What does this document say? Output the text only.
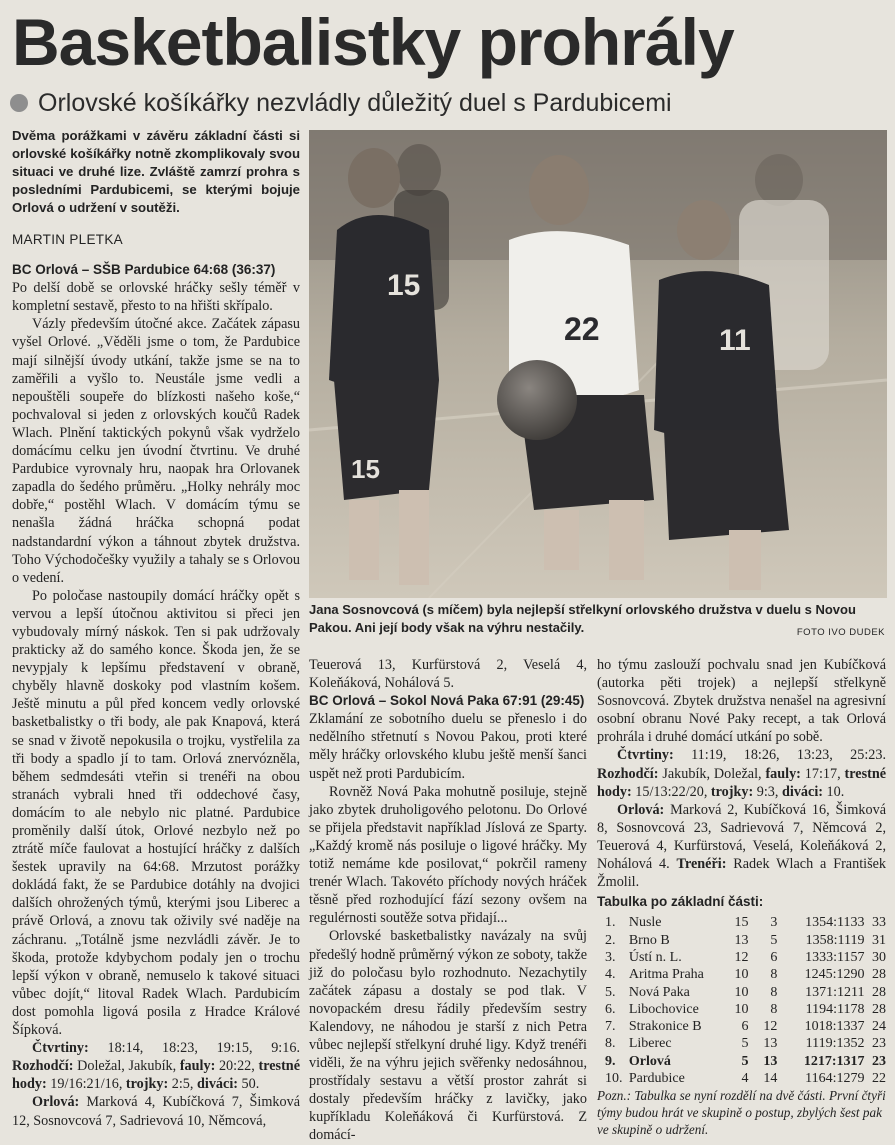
Basketbalistky prohrály
Orlovské košíkářky nezvládly důležitý duel s Pardubicemi

Dvěma porážkami v závěru základní části si orlovské košíkářky notně zkomplikovaly svou situaci ve druhé lize. Zvláště zamrzí prohra s posledními Pardubicemi, se kterými bojuje Orlová o udržení v soutěži.

MARTIN PLETKA

BC Orlová – SŠB Pardubice 64:68 (36:37)

Po delší době se orlovské hráčky sešly téměř v kompletní sestavě, přesto to na hřišti skřípalo.

Vázly především útočné akce. Začátek zápasu vyšel Orlové. „Věděli jsme o tom, že Pardubice mají silnější úvody utkání, takže jsme se na to zaměřili a vyšlo to. Neustále jsme vedli a nepouštěli soupeře do blízkosti našeho koše,“ pochvaloval si jeden z orlovských koučů Radek Wlach. Plnění taktických pokynů však vydrželo domácímu celku jen úvodní čtvrtinu. Ve druhé Pardubice vyrovnaly hru, naopak hra Orlovanek zapadla do šedého průměru. „Holky nehrály moc dobře,“ postěhl Wlach. V domácím týmu se nenašla žádná hráčka schopná podat nadstandardní výkon a táhnout zbytek družstva. Toho Východočešky využily a tahaly se s Orlovou o vedení.

Po poločase nastoupily domácí hráčky opět s vervou a lepší útočnou aktivitou si přeci jen vybudovaly mírný náskok. Ten si pak udržovaly prakticky až do samého konce. Škoda jen, že se nevypjaly k lepšímu představení v obraně, chyběly hlavně doskoky pod vlastním košem. Ještě minutu a půl před koncem vedly orlovské basketbalistky o tři body, ale pak Knapová, která se snad v životě nepokusila o trojku, vystřelila za tři body a spadlo jí to tam. Orlová znervózněla, během sedmdesáti vteřin si trenéři na obou stranách vybrali hned tři oddechové časy, domácím to ale nebylo nic platné. Pardubice proměnily další útok, Orlové nezbylo než po ztrátě míče faulovat a hostující hráčky z dalších šestek upravily na 64:68. Mrzutost porážky dokládá fakt, že se Pardubice dotáhly na dvojici dalších ohrožených týmů, kterými jsou Liberec a právě Orlová, a znovu tak oživily své naděje na záchranu. „Totálně jsme nezvládli závěr. Je to škoda, protože kdybychom podaly jen o trochu lepší výkon v obraně, nemuselo k takové situaci vůbec dojít,“ litoval Radek Wlach. Pardubicím dost pomohla ligová posila z Hradce Králové Šípková.

Čtvrtiny: 18:14, 18:23, 19:15, 9:16. Rozhodčí: Doležal, Jakubík, fauly: 20:22, trestné hody: 19/16:21/16, trojky: 2:5, diváci: 50.

Orlová: Marková 4, Kubíčková 7, Šimková 12, Sosnovcová 7, Sadrievová 10, Němcová,

15
15
22	11
Jana Sosnovcová (s míčem) byla nejlepší střelkyní orlovského družstva v duelu s Novou Pakou. Ani její body však na výhru nestačily.	FOTO IVO DUDEK

Teuerová 13, Kurfürstová 2, Veselá 4, Koleňáková, Nohálová 5.

BC Orlová – Sokol Nová Paka 67:91 (29:45)

Zklamání ze sobotního duelu se přeneslo i do nedělního střetnutí s Novou Pakou, proti které měly hráčky orlovského klubu ještě menší šanci uspět než proti Pardubicím.

Rovněž Nová Paka mohutně posiluje, stejně jako zbytek druholigového pelotonu. Do Orlové se přijela představit například Jíslová ze Sparty. „Každý kromě nás posiluje o ligové hráčky. My totiž nemáme kde posilovat,“ pokrčil rameny trenér Wlach. Takovéto příchody nových hráček těsně před rozhodující fází sezony ovšem na regulérnosti soutěže sotva přidají...

Orlovské basketbalistky navázaly na svůj předešlý hodně průměrný výkon ze soboty, takže již do poločasu bylo rozhodnuto. Nezachytily začátek zápasu a dostaly se pod tlak. V novopackém dresu řádily především sestry Kalendovy, ne náhodou je starší z nich Petra vůbec nejlepší střelkyní druhé ligy. Když trenéři viděli, že na výhru jejich svěřenky nedosáhnou, prostřídaly sestavu a větší prostor zahrát si dostaly především hráčky z lavičky, jako kupříkladu Koleňáková či Kurfürstová. Z domácí-

ho týmu zaslouží pochvalu snad jen Kubíčková (autorka pěti trojek) a nejlepší střelkyně Sosnovcová. Zbytek družstva nenašel na agresivní osobní obranu Nové Paky recept, a tak Orlová prohrála i druhé domácí utkání po sobě.

Čtvrtiny: 11:19, 18:26, 13:23, 25:23. Rozhodčí: Jakubík, Doležal, fauly: 17:17, trestné hody: 15/13:22/20, trojky: 9:3, diváci: 10.

Orlová: Marková 2, Kubíčková 16, Šimková 8, Sosnovcová 23, Sadrievová 7, Němcová 2, Teuerová 4, Kurfürstová, Veselá, Koleňáková 2, Nohálová 4. Trenéři: Radek Wlach a František Žmolil.

Tabulka po základní části:
1.	Nusle	15	3	1354:1133	33
2.	Brno B	13	5	1358:1119	31
3.	Ústí n. L.	12	6	1333:1157	30
4.	Aritma Praha	10	8	1245:1290	28
5.	Nová Paka	10	8	1371:1211	28
6.	Libochovice	10	8	1194:1178	28
7.	Strakonice B	6	12	1018:1337	24
8.	Liberec	5	13	1119:1352	23
9.	Orlová	5	13	1217:1317	23
10.	Pardubice	4	14	1164:1279	22

Pozn.: Tabulka se nyní rozdělí na dvě části. První čtyři týmy budou hrát ve skupině o postup, zbylých šest pak ve skupině o udržení.
